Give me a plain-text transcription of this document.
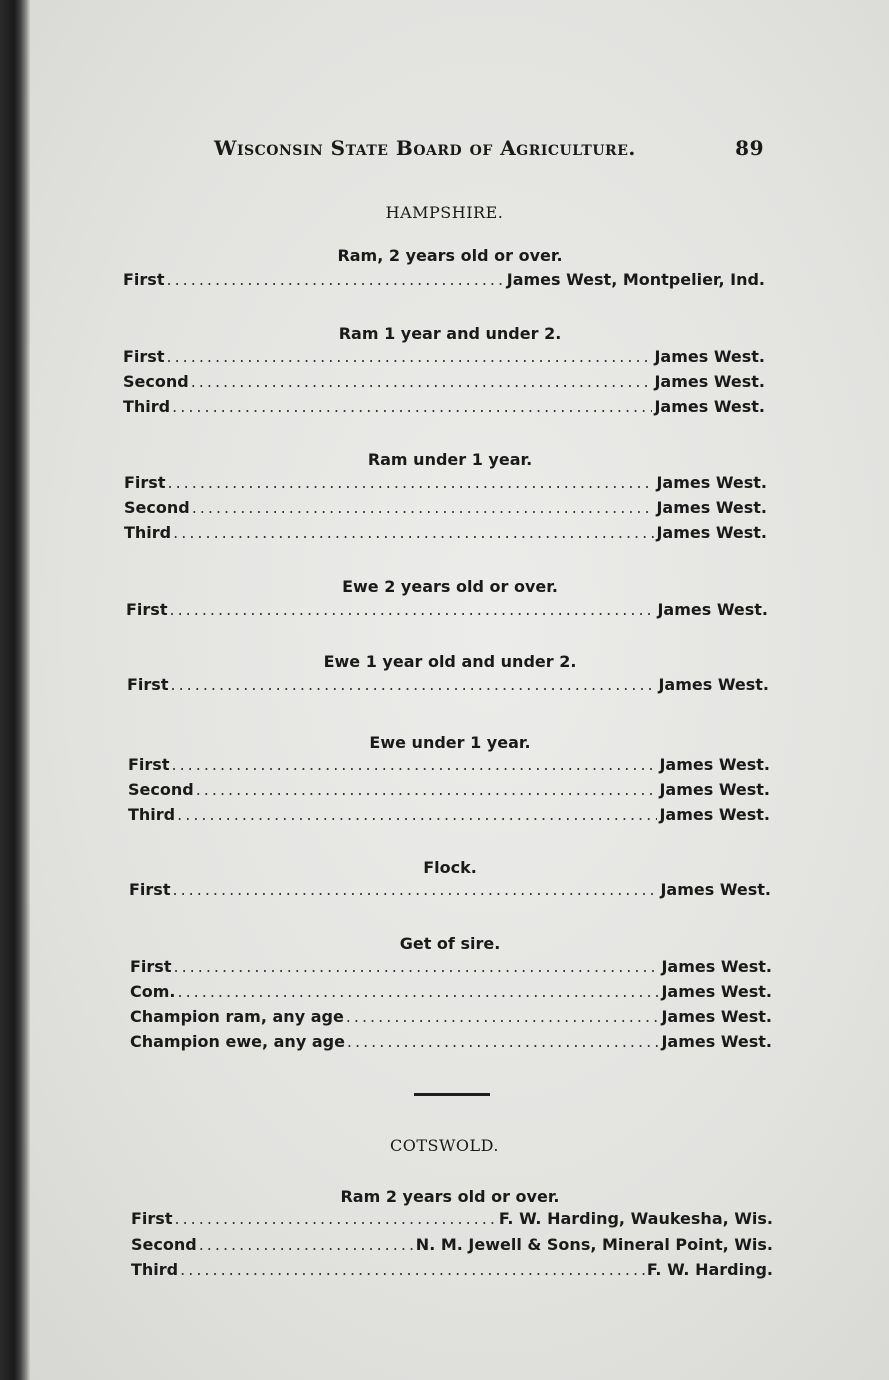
Wisconsin State Board of Agriculture.	89
HAMPSHIRE.
Ram, 2 years old or over.
First .....	James West, Montpelier, Ind.
Ram 1 year and under 2.
First .....	James West.
Second .....	James West.
Third .....	James West.
Ram under 1 year.
First .....	James West.
Second .....	James West.
Third .....	James West.
Ewe 2 years old or over.
First .....	James West.
Ewe 1 year old and under 2.
First .....	James West.
Ewe under 1 year.
First .....	James West.
Second .....	James West.
Third .....	James West.
Flock.
First .....	James West.
Get of sire.
First .....	James West.
Com. .....	James West.
Champion ram, any age .....	James West.
Champion ewe, any age .....	James West.
COTSWOLD.
Ram 2 years old or over.
First .....	F. W. Harding, Waukesha, Wis.
Second .....	N. M. Jewell & Sons, Mineral Point, Wis.
Third .....	F. W. Harding.
